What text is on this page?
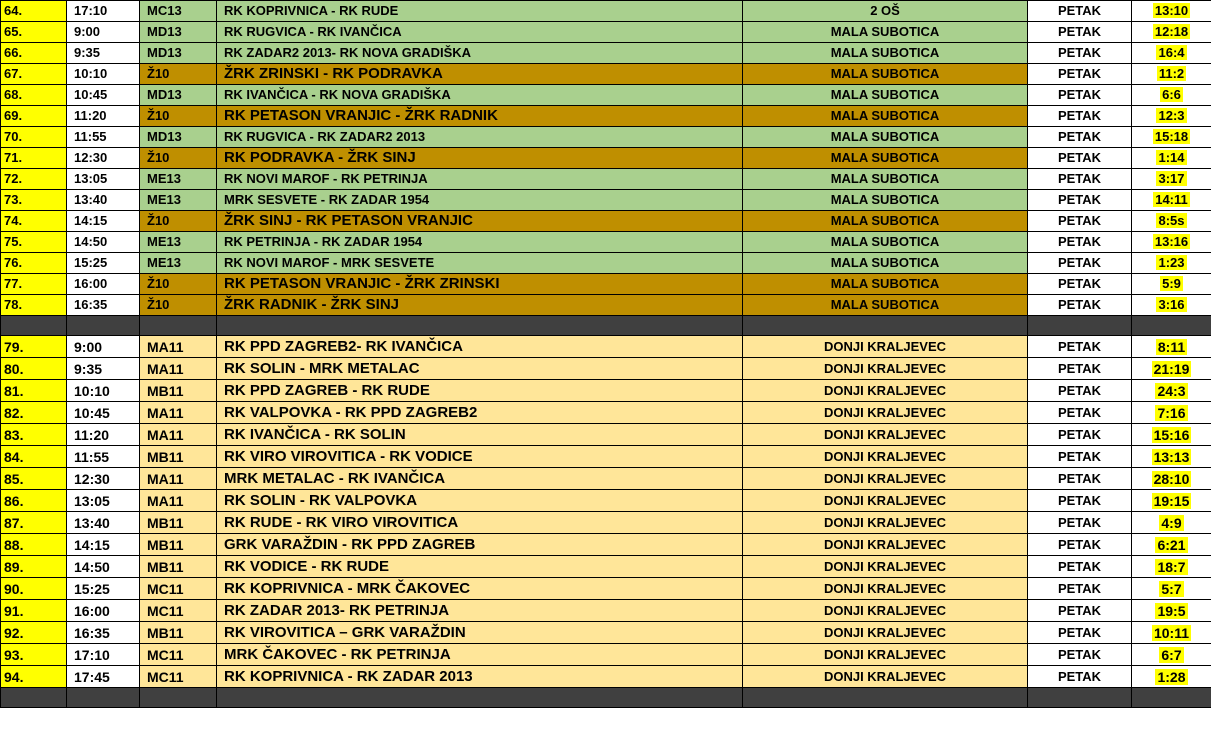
64.	17:10	MC13	RK KOPRIVNICA - RK RUDE	2 OŠ	PETAK	13:10
65.	9:00	MD13	RK RUGVICA - RK IVANČICA	MALA SUBOTICA	PETAK	12:18
66.	9:35	MD13	RK ZADAR2 2013- RK NOVA GRADIŠKA	MALA SUBOTICA	PETAK	16:4
67.	10:10	Ž10	ŽRK ZRINSKI - RK PODRAVKA	MALA SUBOTICA	PETAK	11:2
68.	10:45	MD13	RK IVANČICA - RK NOVA GRADIŠKA	MALA SUBOTICA	PETAK	6:6
69.	11:20	Ž10	RK PETASON VRANJIC - ŽRK RADNIK	MALA SUBOTICA	PETAK	12:3
70.	11:55	MD13	RK RUGVICA - RK ZADAR2 2013	MALA SUBOTICA	PETAK	15:18
71.	12:30	Ž10	RK PODRAVKA - ŽRK SINJ	MALA SUBOTICA	PETAK	1:14
72.	13:05	ME13	RK NOVI MAROF - RK PETRINJA	MALA SUBOTICA	PETAK	3:17
73.	13:40	ME13	MRK SESVETE - RK ZADAR 1954	MALA SUBOTICA	PETAK	14:11
74.	14:15	Ž10	ŽRK SINJ - RK PETASON VRANJIC	MALA SUBOTICA	PETAK	8:5s
75.	14:50	ME13	RK PETRINJA - RK ZADAR 1954	MALA SUBOTICA	PETAK	13:16
76.	15:25	ME13	RK NOVI MAROF - MRK SESVETE	MALA SUBOTICA	PETAK	1:23
77.	16:00	Ž10	RK PETASON VRANJIC - ŽRK ZRINSKI	MALA SUBOTICA	PETAK	5:9
78.	16:35	Ž10	ŽRK RADNIK - ŽRK SINJ	MALA SUBOTICA	PETAK	3:16

79.	9:00	MA11	RK PPD ZAGREB2- RK IVANČICA	DONJI KRALJEVEC	PETAK	8:11
80.	9:35	MA11	RK SOLIN - MRK METALAC	DONJI KRALJEVEC	PETAK	21:19
81.	10:10	MB11	RK PPD ZAGREB - RK RUDE	DONJI KRALJEVEC	PETAK	24:3
82.	10:45	MA11	RK VALPOVKA - RK PPD ZAGREB2	DONJI KRALJEVEC	PETAK	7:16
83.	11:20	MA11	RK IVANČICA - RK SOLIN	DONJI KRALJEVEC	PETAK	15:16
84.	11:55	MB11	RK VIRO VIROVITICA - RK VODICE	DONJI KRALJEVEC	PETAK	13:13
85.	12:30	MA11	MRK METALAC - RK IVANČICA	DONJI KRALJEVEC	PETAK	28:10
86.	13:05	MA11	RK SOLIN - RK VALPOVKA	DONJI KRALJEVEC	PETAK	19:15
87.	13:40	MB11	RK RUDE - RK VIRO VIROVITICA	DONJI KRALJEVEC	PETAK	4:9
88.	14:15	MB11	GRK VARAŽDIN - RK PPD ZAGREB	DONJI KRALJEVEC	PETAK	6:21
89.	14:50	MB11	RK VODICE - RK RUDE	DONJI KRALJEVEC	PETAK	18:7
90.	15:25	MC11	RK KOPRIVNICA - MRK ČAKOVEC	DONJI KRALJEVEC	PETAK	5:7
91.	16:00	MC11	RK ZADAR 2013- RK PETRINJA	DONJI KRALJEVEC	PETAK	19:5
92.	16:35	MB11	RK VIROVITICA – GRK VARAŽDIN	DONJI KRALJEVEC	PETAK	10:11
93.	17:10	MC11	MRK ČAKOVEC - RK PETRINJA	DONJI KRALJEVEC	PETAK	6:7
94.	17:45	MC11	RK KOPRIVNICA - RK ZADAR 2013	DONJI KRALJEVEC	PETAK	1:28
